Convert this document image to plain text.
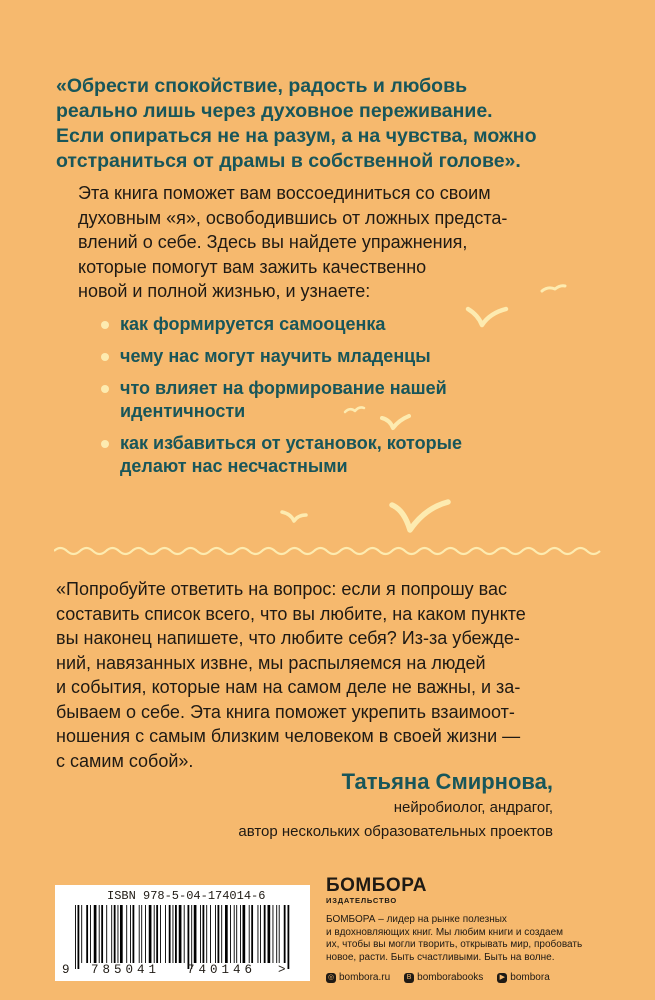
«Обрести спокойствие, радость и любовь
реально лишь через духовное переживание.
Если опираться не на разум, а на чувства, можно
отстраниться от драмы в собственной голове».
Эта книга поможет вам воссоединиться со своим
духовным «я», освободившись от ложных предста-
влений о себе. Здесь вы найдете упражнения,
которые помогут вам зажить качественно
новой и полной жизнью, и узнаете:
как формируется самооценка
чему нас могут научить младенцы
что влияет на формирование нашей
идентичности
как избавиться от установок, которые
делают нас несчастными
«Попробуйте ответить на вопрос: если я попрошу вас
составить список всего, что вы любите, на каком пункте
вы наконец напишете, что любите себя? Из-за убежде-
ний, навязанных извне, мы распыляемся на людей
и события, которые нам на самом деле не важны, и за-
бываем о себе. Эта книга поможет укрепить взаимоот-
ношения с самым близким человеком в своей жизни —
с самим собой».
Татьяна Смирнова,
нейробиолог, андрагог,
автор нескольких образовательных проектов
ISBN 978-5-04-174014-6
9 785041 740146 >
БОМБОРА
ИЗДАТЕЛЬСТВО
БОМБОРА – лидер на рынке полезных
и вдохновляющих книг. Мы любим книги и создаем
их, чтобы вы могли творить, открывать мир, пробовать
новое, расти. Быть счастливыми. Быть на волне.
◎ bombora.ru	В bomborabooks	▶ bombora
